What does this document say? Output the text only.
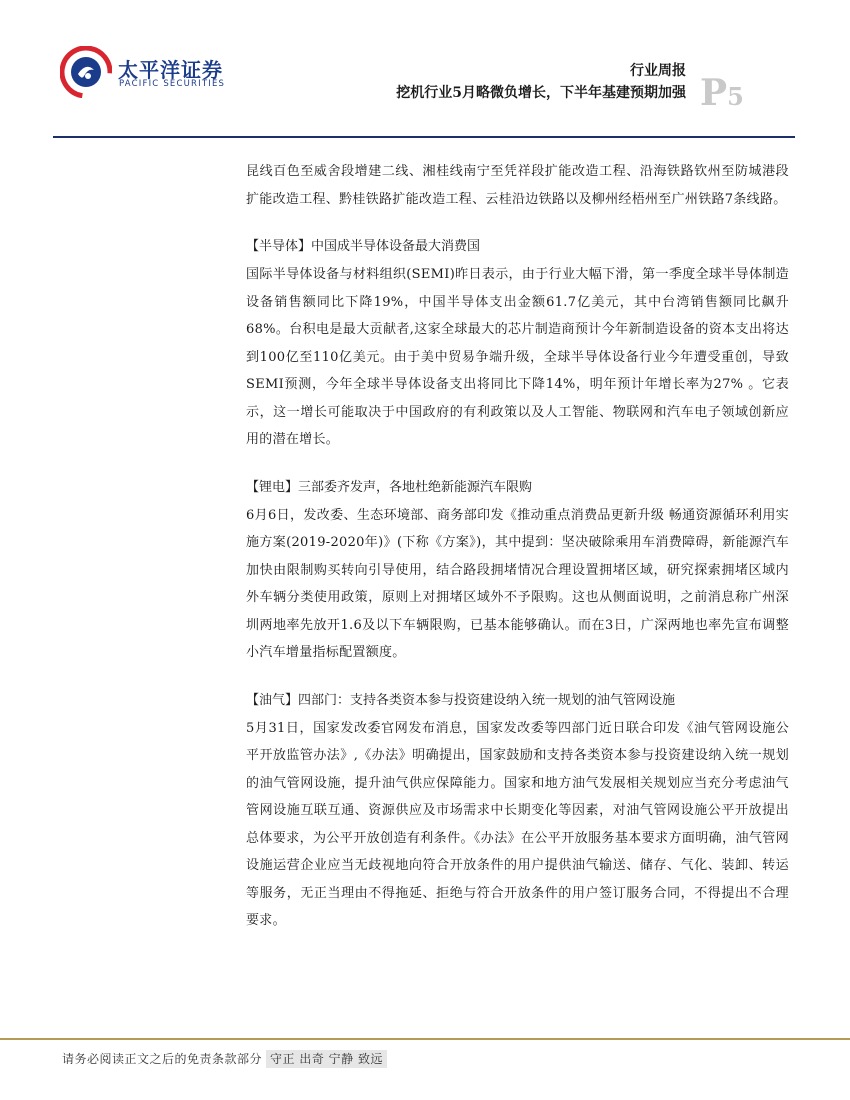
太平洋证券
PACIFIC SECURITIES
行业周报
挖机行业5月略微负增长，下半年基建预期加强 P5

昆线百色至威舍段增建二线、湘桂线南宁至凭祥段扩能改造工程、沿海铁路钦州至防城港段扩能改造工程、黔桂铁路扩能改造工程、云桂沿边铁路以及柳州经梧州至广州铁路7条线路。

【半导体】中国成半导体设备最大消费国

国际半导体设备与材料组织(SEMI)昨日表示，由于行业大幅下滑，第一季度全球半导体制造设备销售额同比下降19%，中国半导体支出金额61.7亿美元，其中台湾销售额同比飙升68%。台积电是最大贡献者,这家全球最大的芯片制造商预计今年新制造设备的资本支出将达到100亿至110亿美元。由于美中贸易争端升级，全球半导体设备行业今年遭受重创，导致SEMI预测，今年全球半导体设备支出将同比下降14%，明年预计年增长率为27% 。它表示，这一增长可能取决于中国政府的有利政策以及人工智能、物联网和汽车电子领域创新应用的潜在增长。

【锂电】三部委齐发声，各地杜绝新能源汽车限购

6月6日，发改委、生态环境部、商务部印发《推动重点消费品更新升级 畅通资源循环利用实施方案(2019-2020年)》(下称《方案》)，其中提到：坚决破除乘用车消费障碍，新能源汽车加快由限制购买转向引导使用，结合路段拥堵情况合理设置拥堵区域，研究探索拥堵区域内外车辆分类使用政策，原则上对拥堵区域外不予限购。这也从侧面说明，之前消息称广州深圳两地率先放开1.6及以下车辆限购，已基本能够确认。而在3日，广深两地也率先宣布调整小汽车增量指标配置额度。

【油气】四部门：支持各类资本参与投资建设纳入统一规划的油气管网设施

5月31日，国家发改委官网发布消息，国家发改委等四部门近日联合印发《油气管网设施公平开放监管办法》,《办法》明确提出，国家鼓励和支持各类资本参与投资建设纳入统一规划的油气管网设施，提升油气供应保障能力。国家和地方油气发展相关规划应当充分考虑油气管网设施互联互通、资源供应及市场需求中长期变化等因素，对油气管网设施公平开放提出总体要求，为公平开放创造有利条件。《办法》在公平开放服务基本要求方面明确，油气管网设施运营企业应当无歧视地向符合开放条件的用户提供油气输送、储存、气化、装卸、转运等服务，无正当理由不得拖延、拒绝与符合开放条件的用户签订服务合同，不得提出不合理要求。

请务必阅读正文之后的免责条款部分 守正 出奇 宁静 致远
